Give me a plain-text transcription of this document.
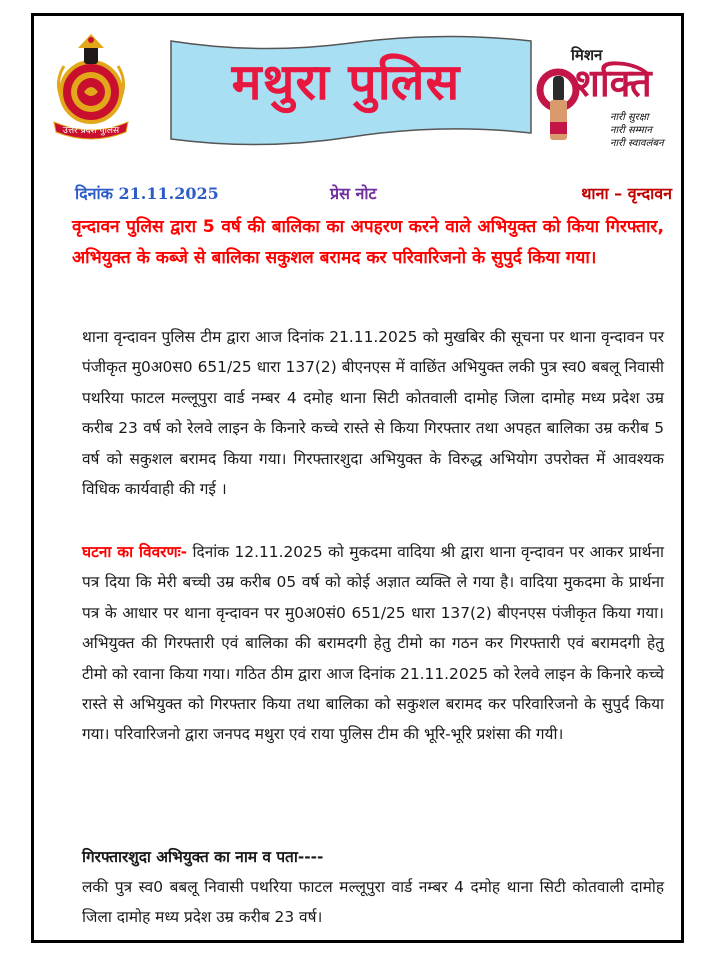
उत्तर प्रदेश पुलिस
मथुरा पुलिस	मिशन
शक्ति
नारी सुरक्षा
नारी सम्मान
नारी स्वावलंबन
दिनांक 21.11.2025	प्रेस नोट	थाना – वृन्दावन
वृन्दावन पुलिस द्वारा 5 वर्ष की बालिका का अपहरण करने वाले अभियुक्त को किया गिरफ्तार, अभियुक्त के कब्जे से बालिका सकुशल बरामद कर परिवारिजनो के सुपुर्द किया गया।
थाना वृन्दावन पुलिस टीम द्वारा आज दिनांक 21.11.2025 को मुखबिर की सूचना पर थाना वृन्दावन पर पंजीकृत मु0अ0स0 651/25 धारा 137(2) बीएनएस में वाछिंत अभियुक्त लकी पुत्र स्व0 बबलू निवासी पथरिया फाटल मल्लूपुरा वार्ड नम्बर 4 दमोह थाना सिटी कोतवाली दामोह जिला दामोह मध्य प्रदेश उम्र करीब 23 वर्ष को रेलवे लाइन के किनारे कच्चे रास्ते से किया गिरफ्तार तथा अपहत बालिका उम्र करीब 5 वर्ष को सकुशल बरामद किया गया। गिरफ्तारशुदा अभियुक्त के विरुद्ध अभियोग उपरोक्त में आवश्यक विधिक कार्यवाही की गई ।
घटना का विवरणः- दिनांक 12.11.2025 को मुकदमा वादिया श्री द्वारा थाना वृन्दावन पर आकर प्रार्थना पत्र दिया कि मेरी बच्ची उम्र करीब 05 वर्ष को कोई अज्ञात व्यक्ति ले गया है। वादिया मुकदमा के प्रार्थना पत्र के आधार पर थाना वृन्दावन पर मु0अ0सं0 651/25 धारा 137(2) बीएनएस पंजीकृत किया गया। अभियुक्त की गिरफ्तारी एवं बालिका की बरामदगी हेतु टीमो का गठन कर गिरफ्तारी एवं बरामदगी हेतु टीमो को रवाना किया गया। गठित ठीम द्वारा आज दिनांक 21.11.2025 को रेलवे लाइन के किनारे कच्चे रास्ते से अभियुक्त को गिरफ्तार किया तथा बालिका को सकुशल बरामद कर परिवारिजनो के सुपुर्द किया गया। परिवारिजनो द्वारा जनपद मथुरा एवं राया पुलिस टीम की भूरि-भूरि प्रशंसा की गयी।
गिरफ्तारशुदा अभियुक्त का नाम व पता----
लकी पुत्र स्व0 बबलू निवासी पथरिया फाटल मल्लूपुरा वार्ड नम्बर 4 दमोह थाना सिटी कोतवाली दामोह जिला दामोह मध्य प्रदेश उम्र करीब 23 वर्ष।
